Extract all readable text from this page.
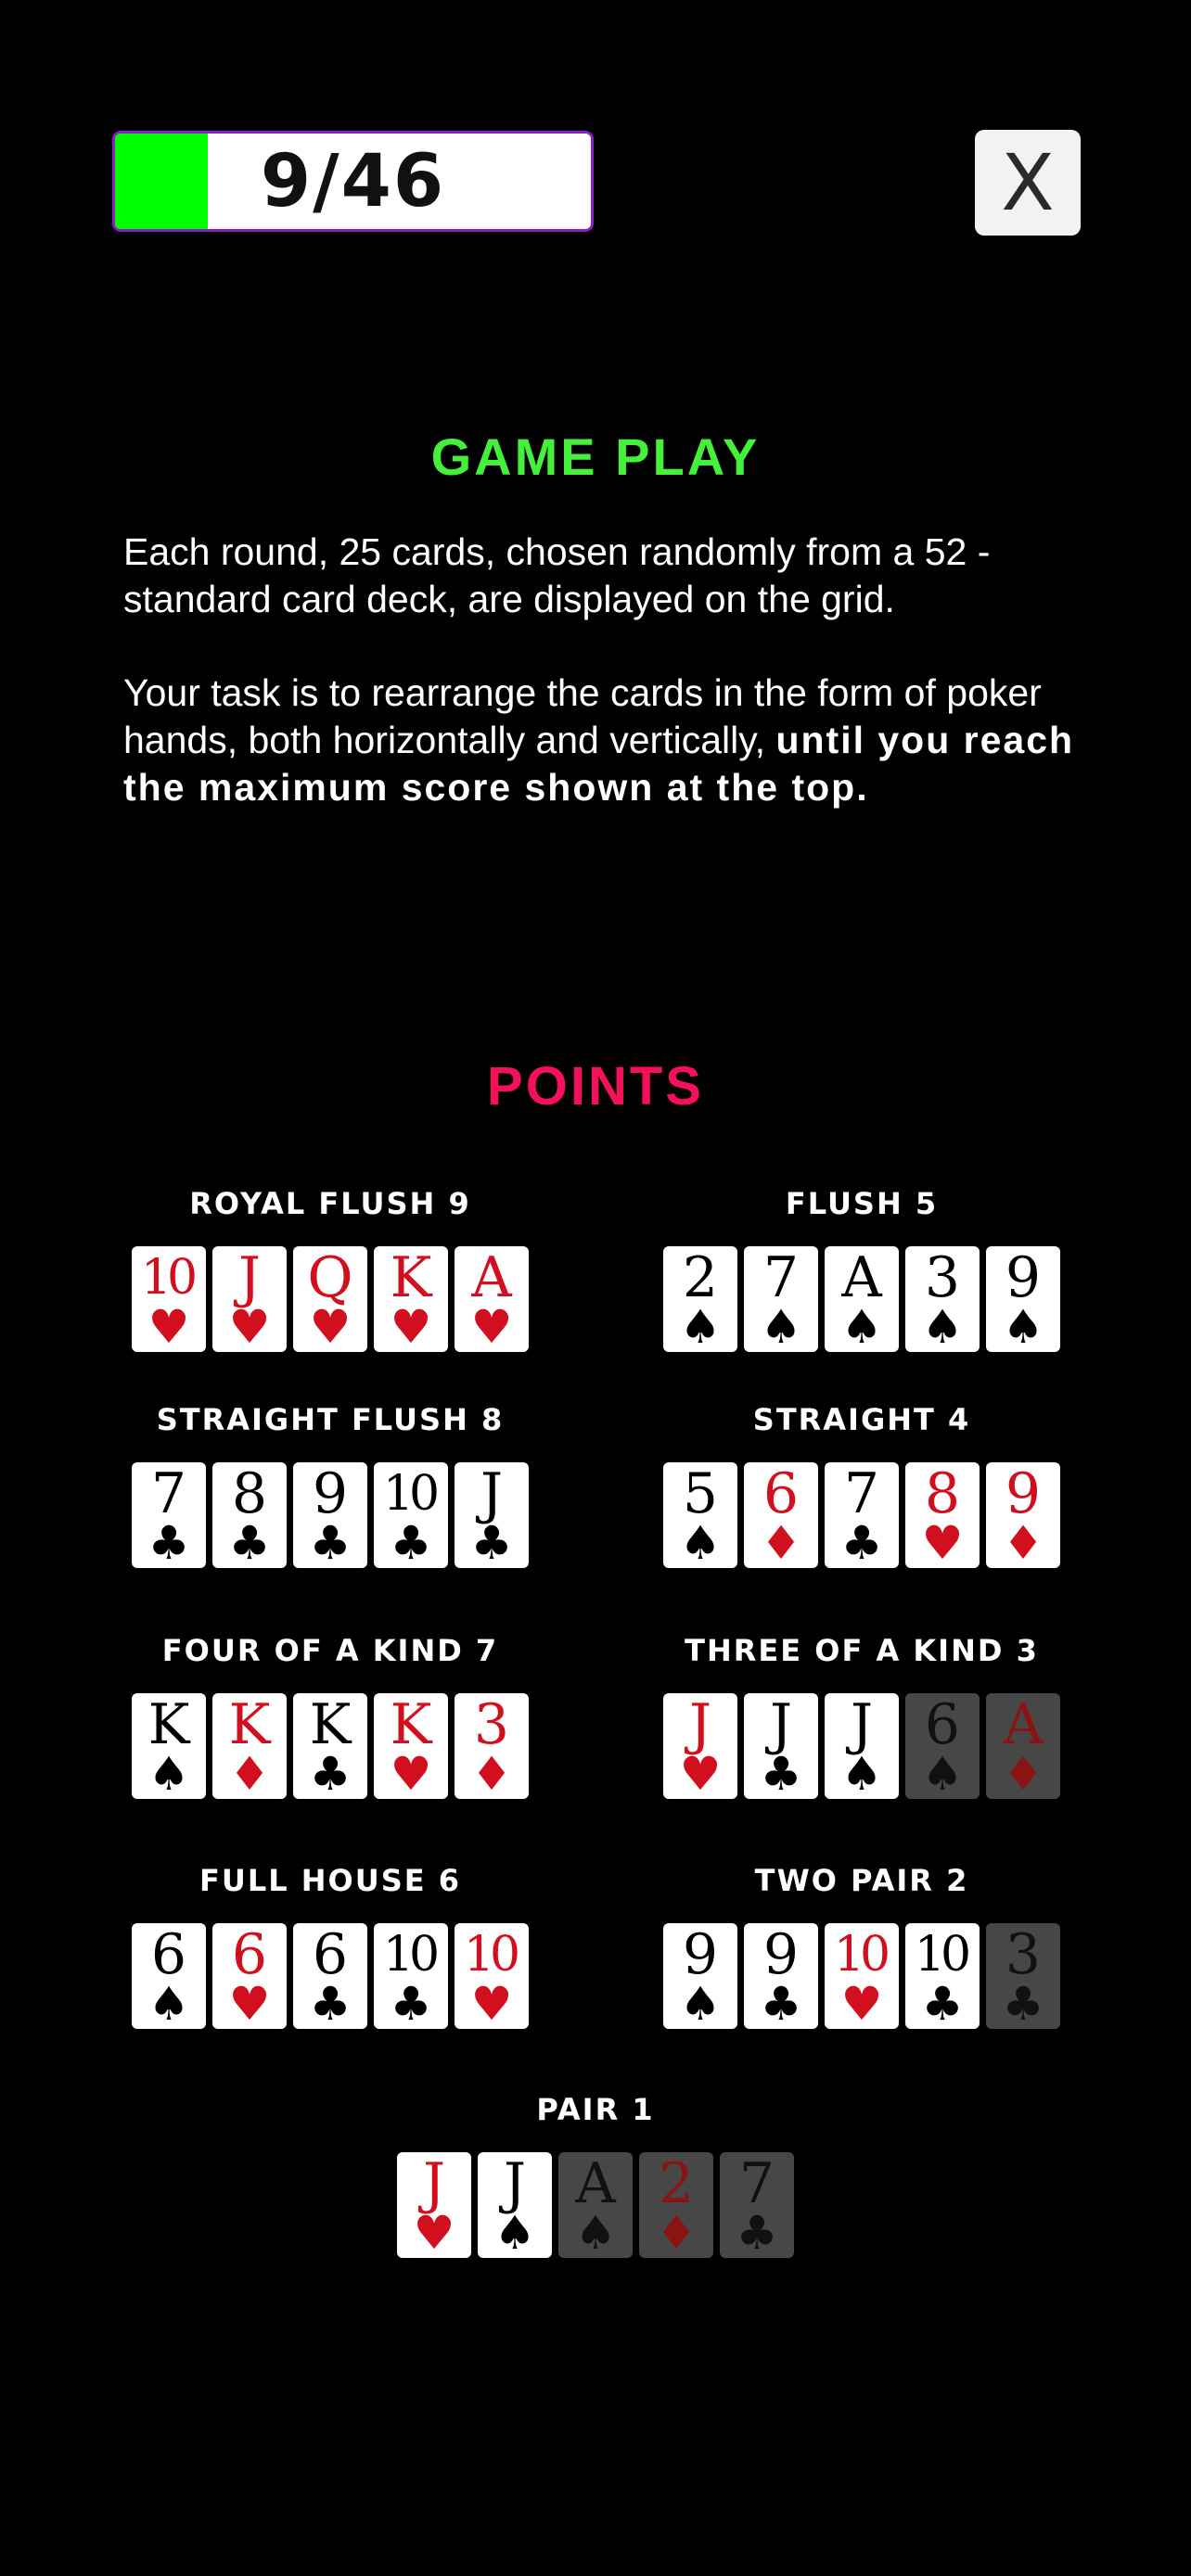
9/46	X
GAME PLAY
Each round, 25 cards, chosen randomly from a 52 - standard card deck, are displayed on the grid.
Your task is to rearrange the cards in the form of poker hands, both horizontally and vertically, until you reach the maximum score shown at the top.
POINTS
ROYAL FLUSH 9
10
♥
J
♥
Q
♥
K
♥
A
♥
FLUSH 5
2
♠
7
♠
A
♠
3
♠
9
♠
STRAIGHT FLUSH 8
7
♣
8
♣
9
♣
10
♣
J
♣
STRAIGHT 4
5
♠
6
♦
7
♣
8
♥
9
♦
FOUR OF A KIND 7
K
♠
K
♦
K
♣
K
♥
3
♦
THREE OF A KIND 3
J
♥
J
♣
J
♠
6
♠
A
♦
FULL HOUSE 6
6
♠
6
♥
6
♣
10
♣
10
♥
TWO PAIR 2
9
♠
9
♣
10
♥
10
♣
3
♣
PAIR 1
J
♥
J
♠
A
♠
2
♦
7
♣
